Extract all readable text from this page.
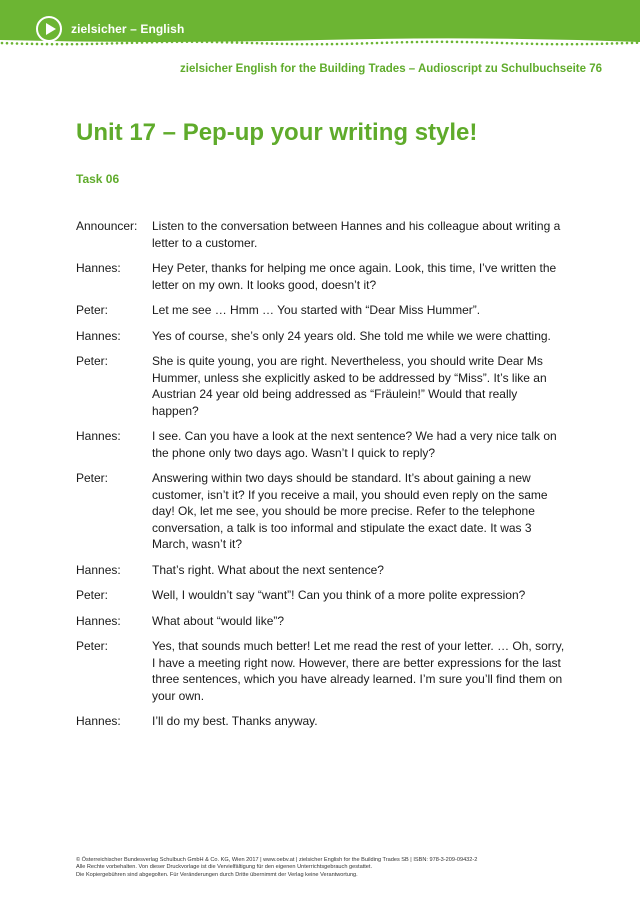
zielsicher – English
zielsicher English for the Building Trades – Audioscript zu Schulbuchseite 76
Unit 17 – Pep-up your writing style!
Task 06
Announcer:	Listen to the conversation between Hannes and his colleague about writing a letter to a customer.
Hannes:	Hey Peter, thanks for helping me once again. Look, this time, I’ve written the letter on my own. It looks good, doesn’t it?
Peter:	Let me see … Hmm … You started with “Dear Miss Hummer”.
Hannes:	Yes of course, she’s only 24 years old. She told me while we were chatting.
Peter:	She is quite young, you are right. Nevertheless, you should write Dear Ms Hummer, unless she explicitly asked to be addressed by “Miss”. It’s like an Austrian 24 year old being addressed as “Fräulein!” Would that really happen?
Hannes:	I see. Can you have a look at the next sentence? We had a very nice talk on the phone only two days ago. Wasn’t I quick to reply?
Peter:	Answering within two days should be standard. It’s about gaining a new customer, isn’t it? If you receive a mail, you should even reply on the same day! Ok, let me see, you should be more precise. Refer to the telephone conversation, a talk is too informal and stipulate the exact date. It was 3 March, wasn’t it?
Hannes:	That’s right. What about the next sentence?
Peter:	Well, I wouldn’t say “want”! Can you think of a more polite expression?
Hannes:	What about “would like”?
Peter:	Yes, that sounds much better! Let me read the rest of your letter. … Oh, sorry, I have a meeting right now. However, there are better expressions for the last three sentences, which you have already learned. I’m sure you’ll find them on your own.
Hannes:	I’ll do my best. Thanks anyway.
© Österreichischer Bundesverlag Schulbuch GmbH & Co. KG, Wien 2017 | www.oebv.at | zielsicher English for the Building Trades SB | ISBN: 978-3-209-09432-2
Alle Rechte vorbehalten. Von dieser Druckvorlage ist die Vervielfältigung für den eigenen Unterrichtsgebrauch gestattet.
Die Kopiergebühren sind abgegolten. Für Veränderungen durch Dritte übernimmt der Verlag keine Verantwortung.
